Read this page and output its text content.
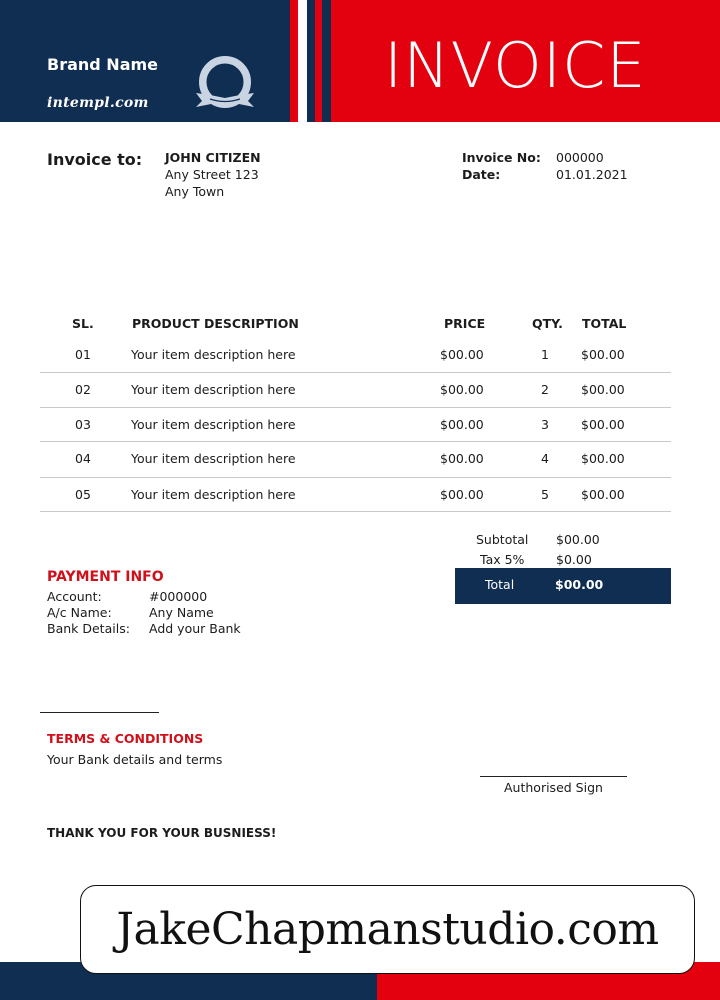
Brand Name
intempl.com
INVOICE
Invoice to: JOHN CITIZEN
Any Street 123
Any Town
Invoice No:	000000
Date:	01.01.2021
SL.	PRODUCT DESCRIPTION	PRICE	QTY. TOTAL
01	Your item description here	$00.00	1	$00.00
02	Your item description here	$00.00	2	$00.00
03	Your item description here	$00.00	3	$00.00
04	Your item description here	$00.00	4	$00.00
05	Your item description here	$00.00	5	$00.00
Subtotal $00.00
Tax 5%	$0.00
Total	$00.00
PAYMENT INFO
Account:	#000000
A/c Name:	Any Name
Bank Details:	Add your Bank
TERMS & CONDITIONS
Your Bank details and terms
Authorised Sign
THANK YOU FOR YOUR BUSNIESS!
JakeChapmanstudio.com
